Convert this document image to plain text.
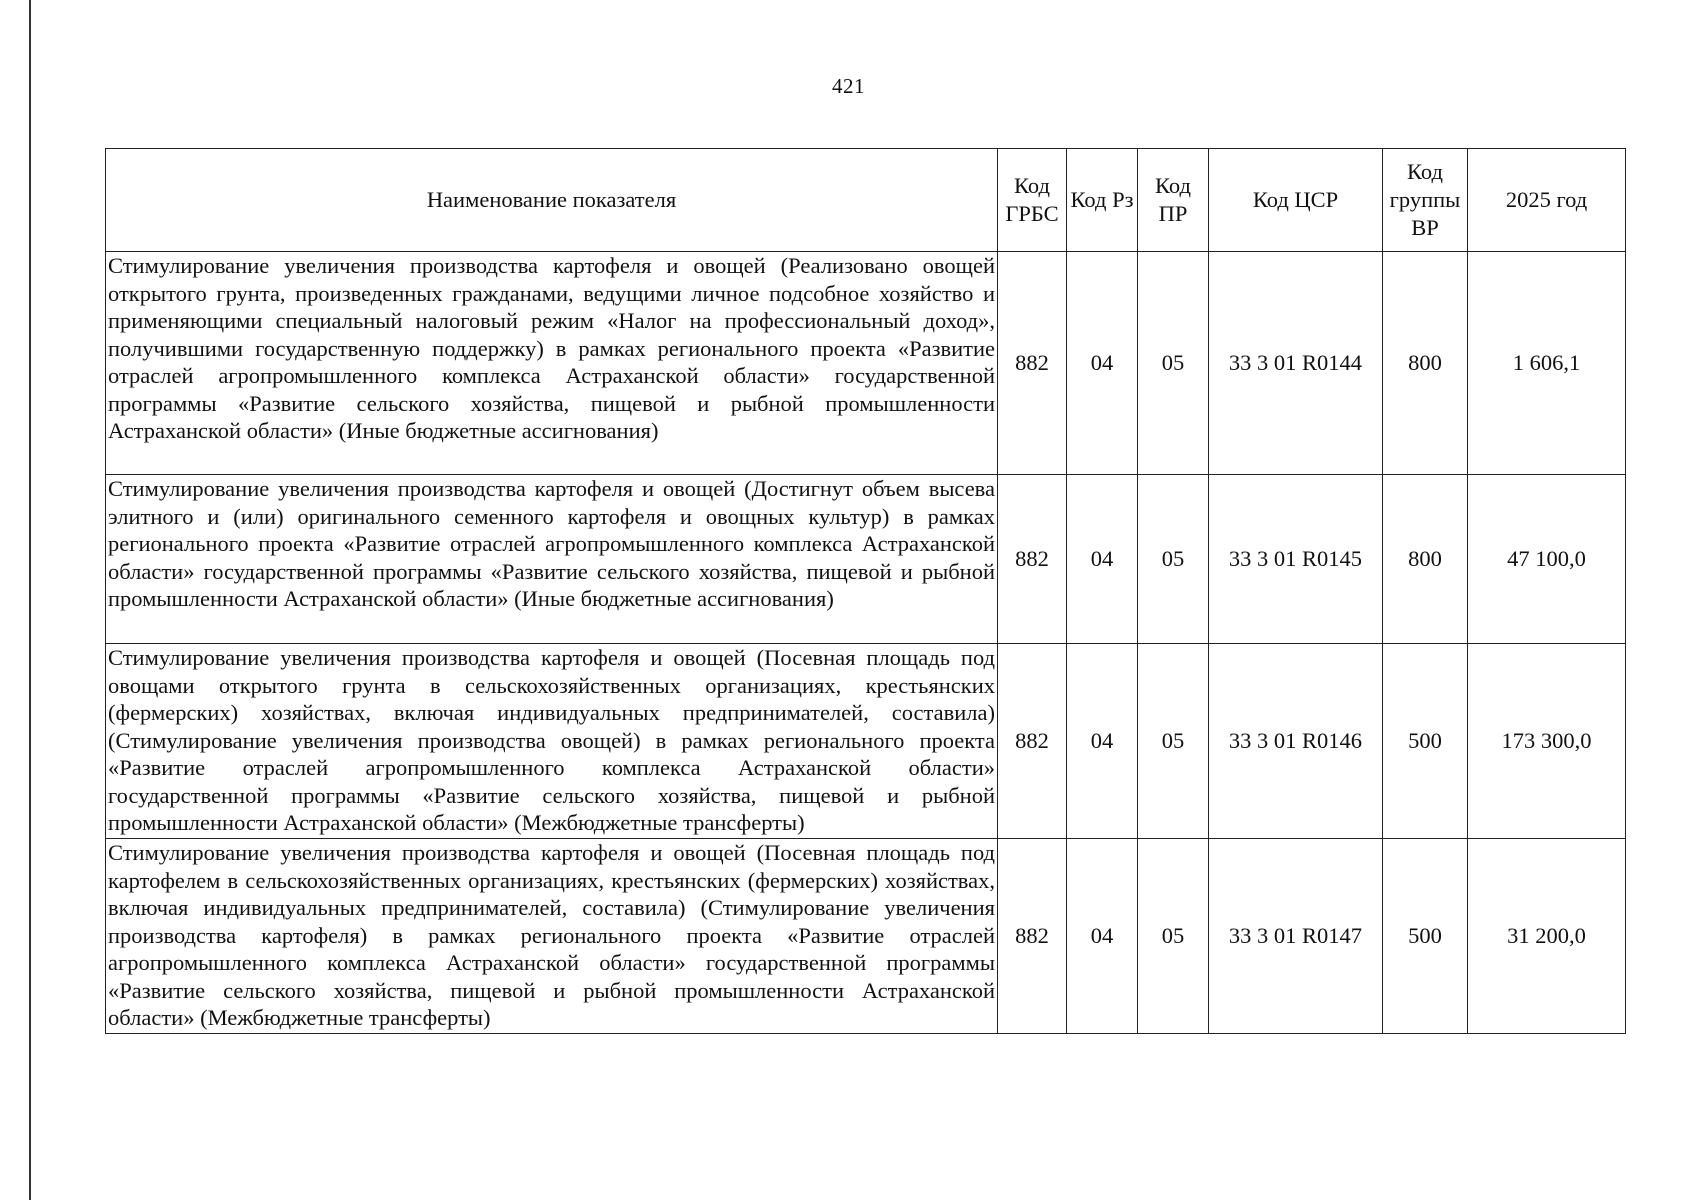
421
Наименование показателя	Код ГРБС	Код Рз	Код ПР	Код ЦСР	Код группы ВР	2025 год
Стимулирование увеличения производства картофеля и овощей (Реализовано овощей открытого грунта, произведенных гражданами, ведущими личное подсобное хозяйство и применяющими специальный налоговый режим «Налог на профессиональный доход», получившими государственную поддержку) в рамках регионального проекта «Развитие отраслей агропромышленного комплекса Астраханской области» государственной программы «Развитие сельского хозяйства, пищевой и рыбной промышленности Астраханской области» (Иные бюджетные ассигнования)	882	04	05	33 3 01 R0144	800	1 606,1
Стимулирование увеличения производства картофеля и овощей (Достигнут объем высева элитного и (или) оригинального семенного картофеля и овощных культур) в рамках регионального проекта «Развитие отраслей агропромышленного комплекса Астраханской области» государственной программы «Развитие сельского хозяйства, пищевой и рыбной промышленности Астраханской области» (Иные бюджетные ассигнования)	882	04	05	33 3 01 R0145	800	47 100,0
Стимулирование увеличения производства картофеля и овощей (Посевная площадь под овощами открытого грунта в сельскохозяйственных организациях, крестьянских (фермерских) хозяйствах, включая индивидуальных предпринимателей, составила) (Стимулирование увеличения производства овощей) в рамках регионального проекта «Развитие отраслей агропромышленного комплекса Астраханской области» государственной программы «Развитие сельского хозяйства, пищевой и рыбной промышленности Астраханской области» (Межбюджетные трансферты)	882	04	05	33 3 01 R0146	500	173 300,0
Стимулирование увеличения производства картофеля и овощей (Посевная площадь под картофелем в сельскохозяйственных организациях, крестьянских (фермерских) хозяйствах, включая индивидуальных предпринимателей, составила) (Стимулирование увеличения производства картофеля) в рамках регионального проекта «Развитие отраслей агропромышленного комплекса Астраханской области» государственной программы «Развитие сельского хозяйства, пищевой и рыбной промышленности Астраханской области» (Межбюджетные трансферты)	882	04	05	33 3 01 R0147	500	31 200,0
